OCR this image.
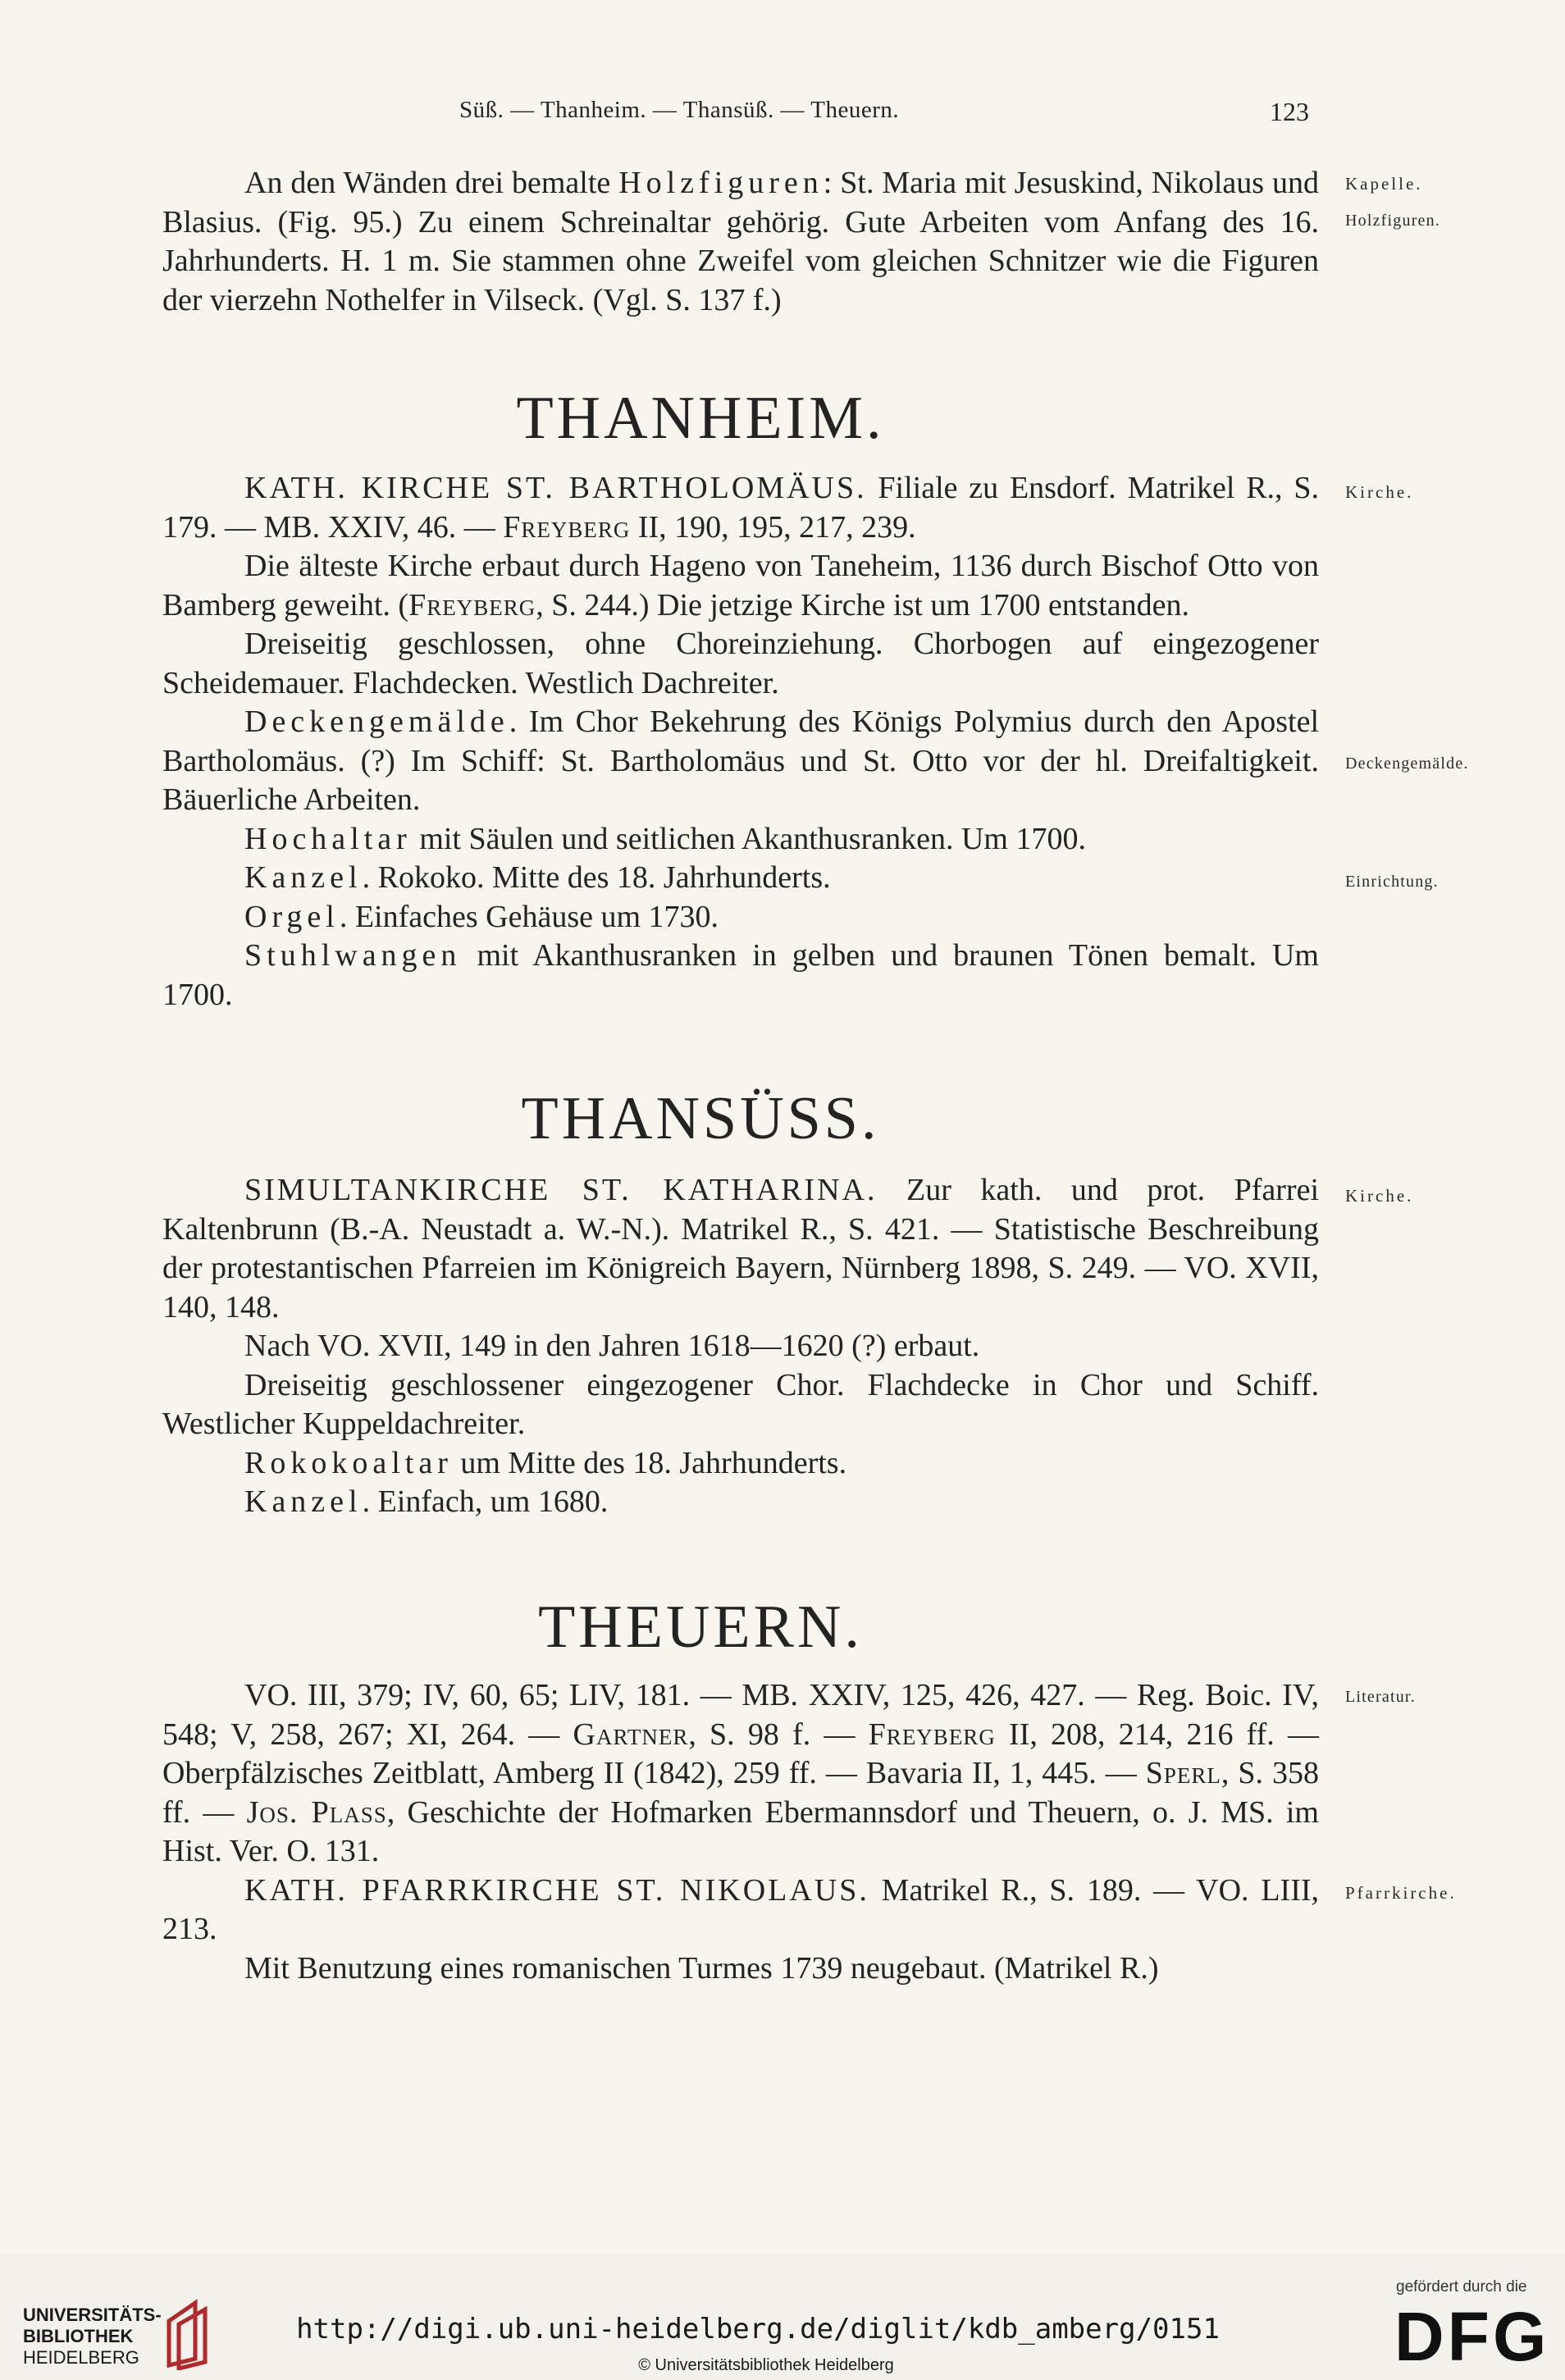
Süß. — Thanheim. — Thansüß. — Theuern.	123

An den Wänden drei bemalte Holzfiguren: St. Maria mit Jesuskind, Nikolaus und Blasius. (Fig. 95.) Zu einem Schreinaltar gehörig. Gute Arbeiten vom Anfang des 16. Jahrhunderts. H. 1 m. Sie stammen ohne Zweifel vom gleichen Schnitzer wie die Figuren der vierzehn Nothelfer in Vilseck. (Vgl. S. 137 f.)

Kapelle.
Holzfiguren.
THANHEIM.

KATH. KIRCHE ST. BARTHOLOMÄUS. Filiale zu Ensdorf. Matrikel R., S. 179. — MB. XXIV, 46. — Freyberg II, 190, 195, 217, 239.

Die älteste Kirche erbaut durch Hageno von Taneheim, 1136 durch Bischof Otto von Bamberg geweiht. (Freyberg, S. 244.) Die jetzige Kirche ist um 1700 entstanden.

Dreiseitig geschlossen, ohne Choreinziehung. Chorbogen auf eingezogener Scheidemauer. Flachdecken. Westlich Dachreiter.

Deckengemälde. Im Chor Bekehrung des Königs Polymius durch den Apostel Bartholomäus. (?) Im Schiff: St. Bartholomäus und St. Otto vor der hl. Dreifaltigkeit. Bäuerliche Arbeiten.

Hochaltar mit Säulen und seitlichen Akanthusranken. Um 1700.

Kanzel. Rokoko. Mitte des 18. Jahrhunderts.

Orgel. Einfaches Gehäuse um 1730.

Stuhlwangen mit Akanthusranken in gelben und braunen Tönen bemalt. Um 1700.

Kirche.
Deckengemälde.
Einrichtung.
THANSÜSS.

SIMULTANKIRCHE ST. KATHARINA. Zur kath. und prot. Pfarrei Kaltenbrunn (B.-A. Neustadt a. W.-N.). Matrikel R., S. 421. — Statistische Beschreibung der protestantischen Pfarreien im Königreich Bayern, Nürnberg 1898, S. 249. — VO. XVII, 140, 148.

Nach VO. XVII, 149 in den Jahren 1618—1620 (?) erbaut.

Dreiseitig geschlossener eingezogener Chor. Flachdecke in Chor und Schiff. Westlicher Kuppeldachreiter.

Rokokoaltar um Mitte des 18. Jahrhunderts.

Kanzel. Einfach, um 1680.

Kirche.
THEUERN.

VO. III, 379; IV, 60, 65; LIV, 181. — MB. XXIV, 125, 426, 427. — Reg. Boic. IV, 548; V, 258, 267; XI, 264. — Gartner, S. 98 f. — Freyberg II, 208, 214, 216 ff. — Oberpfälzisches Zeitblatt, Amberg II (1842), 259 ff. — Bavaria II, 1, 445. — Sperl, S. 358 ff. — Jos. Plass, Geschichte der Hofmarken Ebermannsdorf und Theuern, o. J. MS. im Hist. Ver. O. 131.

KATH. PFARRKIRCHE ST. NIKOLAUS. Matrikel R., S. 189. — VO. LIII, 213.

Mit Benutzung eines romanischen Turmes 1739 neugebaut. (Matrikel R.)

Literatur.
Pfarrkirche.
UNIVERSITÄTS-
BIBLIOTHEK
HEIDELBERG
http://digi.ub.uni-heidelberg.de/diglit/kdb_amberg/0151
© Universitätsbibliothek Heidelberg
gefördert durch die
DFG
